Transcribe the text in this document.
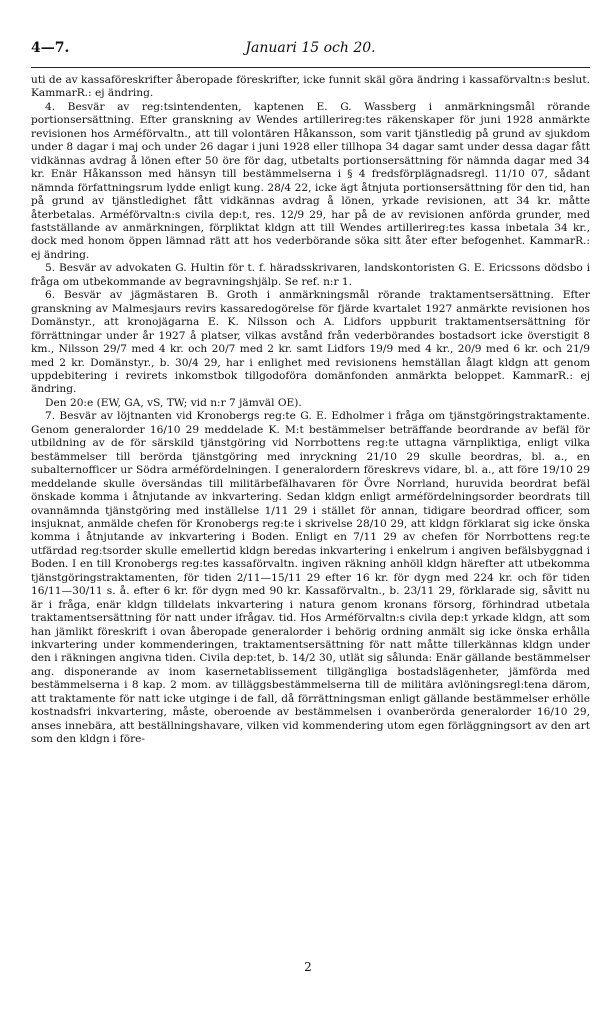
4—7.	Januari 15 och 20.

uti de av kassaföreskrifter åberopade föreskrifter, icke funnit skäl göra ändring i kassaförvaltn:s beslut. KammarR.: ej ändring.

4. Besvär av reg:tsintendenten, kaptenen E. G. Wassberg i anmärkningsmål rörande portionsersättning. Efter granskning av Wendes artillerireg:tes räkenskaper för juni 1928 anmärkte revisionen hos Arméförvaltn., att till volontären Håkansson, som varit tjänstledig på grund av sjukdom under 8 dagar i maj och under 26 dagar i juni 1928 eller tillhopa 34 dagar samt under dessa dagar fått vidkännas avdrag å lönen efter 50 öre för dag, utbetalts portionsersättning för nämnda dagar med 34 kr. Enär Håkansson med hänsyn till bestämmelserna i § 4 fredsförplägnadsregl. 11/10 07, sådant nämnda författningsrum lydde enligt kung. 28/4 22, icke ägt åtnjuta portionsersättning för den tid, han på grund av tjänstledighet fått vidkännas avdrag å lönen, yrkade revisionen, att 34 kr. måtte återbetalas. Arméförvaltn:s civila dep:t, res. 12/9 29, har på de av revisionen anförda grunder, med fastställande av anmärkningen, förpliktat kldgn att till Wendes artillerireg:tes kassa inbetala 34 kr., dock med honom öppen lämnad rätt att hos vederbörande söka sitt åter efter befogenhet. KammarR.: ej ändring.

5. Besvär av advokaten G. Hultin för t. f. häradsskrivaren, landskontoristen G. E. Ericssons dödsbo i fråga om utbekommande av begravningshjälp. Se ref. n:r 1.

6. Besvär av jägmästaren B. Groth i anmärkningsmål rörande traktamentsersättning. Efter granskning av Malmesjaurs revirs kassaredogörelse för fjärde kvartalet 1927 anmärkte revisionen hos Domänstyr., att kronojägarna E. K. Nilsson och A. Lidfors uppburit traktamentsersättning för förrättningar under år 1927 å platser, vilkas avstånd från vederbörandes bostadsort icke överstigit 8 km., Nilsson 29/7 med 4 kr. och 20/7 med 2 kr. samt Lidfors 19/9 med 4 kr., 20/9 med 6 kr. och 21/9 med 2 kr. Domänstyr., b. 30/4 29, har i enlighet med revisionens hemställan ålagt kldgn att genom uppdebitering i revirets inkomstbok tillgodoföra domänfonden anmärkta beloppet. KammarR.: ej ändring.

Den 20:e (EW, GA, vS, TW; vid n:r 7 jämväl OE).

7. Besvär av löjtnanten vid Kronobergs reg:te G. E. Edholmer i fråga om tjänstgöringstraktamente. Genom generalorder 16/10 29 meddelade K. M:t bestämmelser beträffande beordrande av befäl för utbildning av de för särskild tjänstgöring vid Norrbottens reg:te uttagna värnpliktiga, enligt vilka bestämmelser till berörda tjänstgöring med inryckning 21/10 29 skulle beordras, bl. a., en subalternofficer ur Södra arméfördelningen. I generalordern föreskrevs vidare, bl. a., att före 19/10 29 meddelande skulle översändas till militärbefälhavaren för Övre Norrland, huruvida beordrat befäl önskade komma i åtnjutande av inkvartering. Sedan kldgn enligt arméfördelningsorder beordrats till ovannämnda tjänstgöring med inställelse 1/11 29 i stället för annan, tidigare beordrad officer, som insjuknat, anmälde chefen för Kronobergs reg:te i skrivelse 28/10 29, att kldgn förklarat sig icke önska komma i åtnjutande av inkvartering i Boden. Enligt en 7/11 29 av chefen för Norrbottens reg:te utfärdad reg:tsorder skulle emellertid kldgn beredas inkvartering i enkelrum i angiven befälsbyggnad i Boden. I en till Kronobergs reg:tes kassaförvaltn. ingiven räkning anhöll kldgn härefter att utbekomma tjänstgöringstraktamenten, för tiden 2/11—15/11 29 efter 16 kr. för dygn med 224 kr. och för tiden 16/11—30/11 s. å. efter 6 kr. för dygn med 90 kr. Kassaförvaltn., b. 23/11 29, förklarade sig, såvitt nu är i fråga, enär kldgn tilldelats inkvartering i natura genom kronans försorg, förhindrad utbetala traktamentsersättning för natt under ifrågav. tid. Hos Arméförvaltn:s civila dep:t yrkade kldgn, att som han jämlikt föreskrift i ovan åberopade generalorder i behörig ordning anmält sig icke önska erhålla inkvartering under kommenderingen, traktamentsersättning för natt måtte tillerkännas kldgn under den i räkningen angivna tiden. Civila dep:tet, b. 14/2 30, utlät sig sålunda: Enär gällande bestämmelser ang. disponerande av inom kasernetablissement tillgängliga bostadslägenheter, jämförda med bestämmelserna i 8 kap. 2 mom. av tilläggsbestämmelserna till de militära avlöningsregl:tena därom, att traktamente för natt icke utginge i de fall, då förrättningsman enligt gällande bestämmelser erhölle kostnadsfri inkvartering, måste, oberoende av bestämmelsen i ovanberörda generalorder 16/10 29, anses innebära, att beställningshavare, vilken vid kommendering utom egen förläggningsort av den art som den kldgn i före-

2
